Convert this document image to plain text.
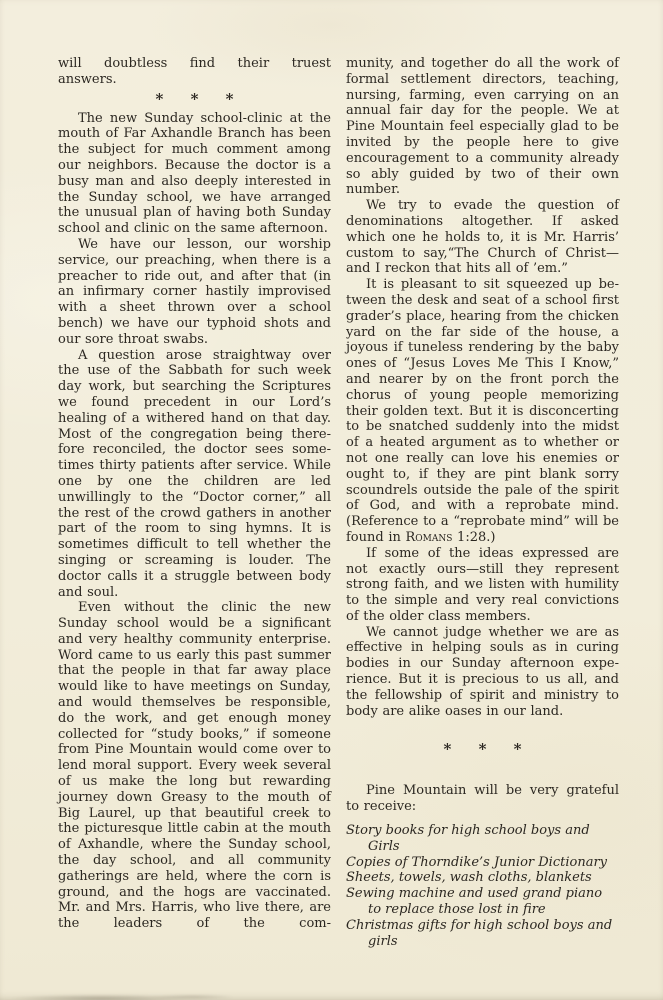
will doubtless find their truest

answers.

* * *

The new Sunday school-clinic at the mouth of Far Axhandle Branch has been the subject for much comment among our neighbors. Because the doctor is a busy man and also deeply interested in the Sunday school, we have arranged the unusual plan of having both Sunday school and clinic on the same afternoon.

We have our lesson, our worship service, our preaching, when there is a preacher to ride out, and after that (in an infirmary corner hastily improvised with a sheet thrown over a school bench) we have our typhoid shots and our sore throat swabs.

A question arose straightway over the use of the Sabbath for such week day work, but searching the Scriptures we found precedent in our Lord’s healing of a withered hand on that day. Most of the congregation being therefore reconciled, the doctor sees sometimes thirty patients after service. While one by one the children are led unwillingly to the “Doctor corner,” all the rest of the crowd gathers in another part of the room to sing hymns. It is sometimes difficult to tell whether the singing or screaming is louder. The doctor calls it a struggle between body and soul.

Even without the clinic the new Sunday school would be a significant and very healthy community enterprise. Word came to us early this past summer that the people in that far away place would like to have meetings on Sunday, and would themselves be responsible, do the work, and get enough money collected for “study books,” if someone from Pine Mountain would come over to lend moral support. Every week several of us make the long but rewarding journey down Greasy to the mouth of Big Laurel, up that beautiful creek to the picturesque little cabin at the mouth of Axhandle, where the Sunday school, the day school, and all community gatherings are held, where the corn is ground, and the hogs are vaccinated. Mr. and Mrs. Harris, who live there, are the leaders of the com-

munity, and together do all the work of formal settlement directors, teaching, nursing, farming, even carrying on an annual fair day for the people. We at Pine Mountain feel especially glad to be invited by the people here to give encouragement to a community already so ably guided by two of their own number.

We try to evade the question of denominations altogether. If asked which one he holds to, it is Mr. Harris’ custom to say,“The Church of Christ—and I reckon that hits all of ’em.”

It is pleasant to sit squeezed up between the desk and seat of a school first grader’s place, hearing from the chicken yard on the far side of the house, a joyous if tuneless rendering by the baby ones of “Jesus Loves Me This I Know,” and nearer by on the front porch the chorus of young people memorizing their golden text. But it is disconcerting to be snatched suddenly into the midst of a heated argument as to whether or not one really can love his enemies or ought to, if they are pint blank sorry scoundrels outside the pale of the spirit of God, and with a reprobate mind. (Reference to a “reprobate mind” will be found in Romans 1:28.)

If some of the ideas expressed are not exactly ours—still they represent strong faith, and we listen with humility to the simple and very real convictions of the older class members.

We cannot judge whether we are as effective in helping souls as in curing bodies in our Sunday afternoon experience. But it is precious to us all, and the fellowship of spirit and ministry to body are alike oases in our land.

* * *

Pine Mountain will be very grateful to receive:

Story books for high school boys and Girls

Copies of Thorndike’s Junior Dictionary

Sheets, towels, wash cloths, blankets

Sewing machine and used grand piano to replace those lost in fire

Christmas gifts for high school boys and girls
